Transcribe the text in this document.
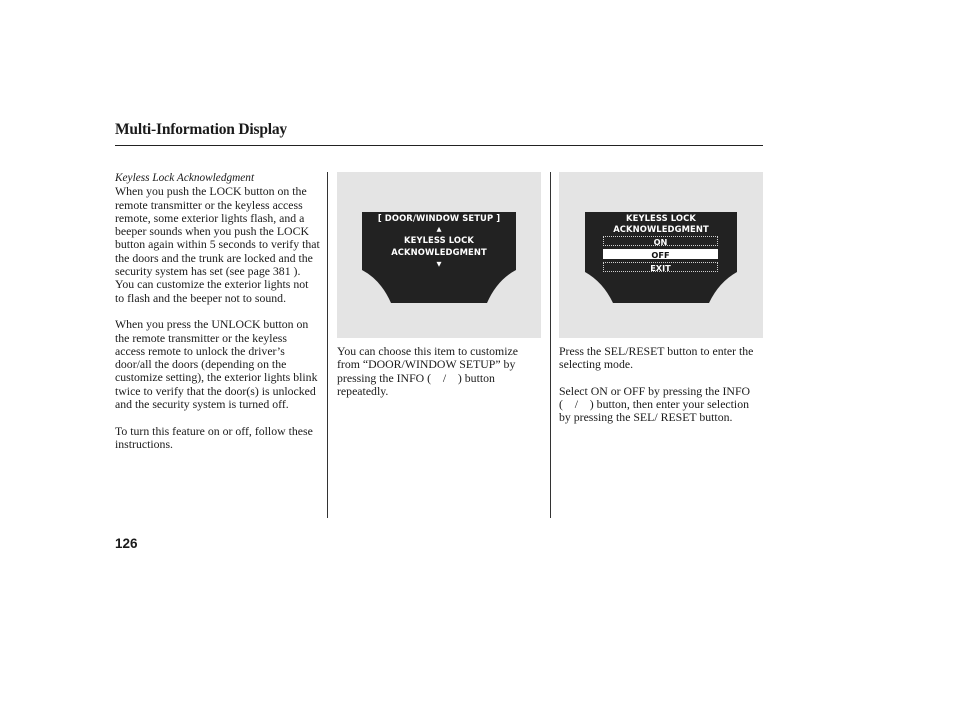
Multi-Information Display
Keyless Lock Acknowledgment

When you push the LOCK button on the remote transmitter or the keyless access remote, some exterior lights flash, and a beeper sounds when you push the LOCK button again within 5 seconds to verify that the doors and the trunk are locked and the security system has set (see page 381 ). You can customize the exterior lights not to flash and the beeper not to sound.

When you press the UNLOCK button on the remote transmitter or the keyless access remote to unlock the driver’s door/all the doors (depending on the customize setting), the exterior lights blink twice to verify that the door(s) is unlocked and the security system is turned off.

To turn this feature on or off, follow these instructions.

[ DOOR/WINDOW SETUP ]
▲
KEYLESS LOCK
ACKNOWLEDGMENT
▼
KEYLESS LOCK
ACKNOWLEDGMENT
ON
OFF
EXIT

You can choose this item to customize from “DOOR/WINDOW SETUP” by pressing the INFO ( / ) button repeatedly.

Press the SEL/RESET button to enter the selecting mode.

Select ON or OFF by pressing the INFO ( / ) button, then enter your selection by pressing the SEL/ RESET button.

126
